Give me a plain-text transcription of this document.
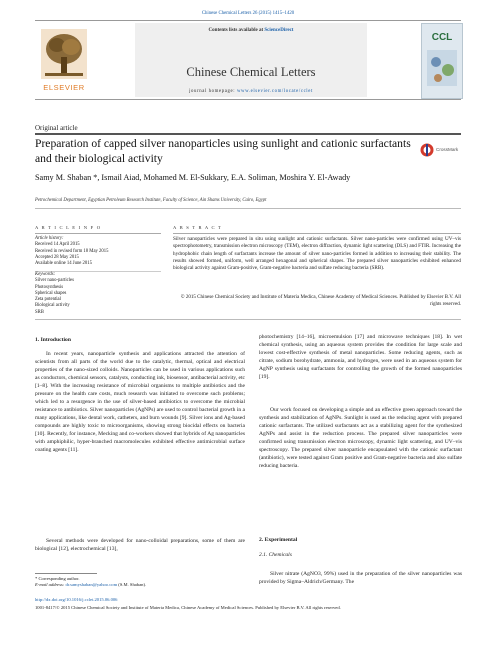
Chinese Chemical Letters 26 (2015) 1415–1420
ELSEVIER
Contents lists available at ScienceDirect
Chinese Chemical Letters
journal homepage: www.elsevier.com/locate/cclet
CCL
Original article
Preparation of capped silver nanoparticles using sunlight and cationic surfactants and their biological activity
CrossMark
Samy M. Shaban *, Ismail Aiad, Mohamed M. El-Sukkary, E.A. Soliman, Moshira Y. El-Awady
Petrochemical Department, Egyptian Petroleum Research Institute, Faculty of Science, Ain Shams University, Cairo, Egypt
A R T I C L E I N F O
Article history:
Received 14 April 2015
Received in revised form 18 May 2015
Accepted 28 May 2015
Available online 14 June 2015
Keywords:
Silver nano-particles
Photosynthesis
Spherical shapes
Zeta potential
Biological activity
SRB
A B S T R A C T
Silver nanoparticles were prepared in situ using sunlight and cationic surfactants. Silver nano-particles were confirmed using UV–vis spectrophotometry, transmission electron microscopy (TEM), electron diffraction, dynamic light scattering (DLS) and FTIR. Increasing the hydrophobic chain length of surfactants increase the amount of silver nano-particles formed in addition to increasing their stability. The results showed formed, uniform, well arranged hexagonal and spherical shapes. The prepared silver nanoparticles exhibited enhanced biological activity against Gram-positive, Gram-negative bacteria and sulfate reducing bacteria (SRB).
© 2015 Chinese Chemical Society and Institute of Materia Medica, Chinese Academy of Medical Sciences. Published by Elsevier B.V. All rights reserved.
1. Introduction
In recent years, nanoparticle synthesis and applications attracted the attention of scientists from all parts of the world due to the catalytic, thermal, optical and electrical properties of the nano-sized colloids. Nanoparticles can be used in various applications such as conductors, chemical sensors, catalysts, conducting ink, biosensor, antibacterial activity, etc [1–8]. With the increasing resistance of microbial organisms to multiple antibiotics and the pressure on the health care costs, much research was initiated to overcome such problems; which led to a resurgence in the use of silver-based antibiotics to overcome the microbial resistance to antibiotics. Silver nanoparticles (AgNPs) are used to control bacterial growth in a many applications, like dental work, catheters, and burn wounds [9]. Silver ions and Ag-based compounds are highly toxic to microorganisms, showing strong biocidal effects on bacteria [10]. Recently, for instance, Mecking and co-workers showed that hybrids of Ag nanoparticles with amphiphilic, hyper-branched macromolecules exhibited effective antimicrobial surface coating agents [11].
Several methods were developed for nano-colloidal preparations, some of them are biological [12], electrochemical [13],
photochemistry [14–16], microemulsion [17] and microwave techniques [18]. In wet chemical synthesis, using an aqueous system provides the condition for large scale and lowest cost-effective synthesis of metal nanoparticles. Some reducing agents, such as citrate, sodium borohydrate, ammonia, and hydrogen, were used in an aqueous system for AgNP synthesis using surfactants for controlling the growth of the formed nanoparticles [19].
Our work focused on developing a simple and an effective green approach toward the synthesis and stabilization of AgNPs. Sunlight is used as the reducing agent with prepared cationic surfactants. The utilized surfactants act as a stabilizing agent for the synthesized AgNPs and assist in the reduction process. The prepared silver nanoparticles were confirmed using transmission electron microscopy, dynamic light scattering, and UV–vis spectroscopy. The prepared silver nanoparticle encapsulated with the cationic surfactant (antibiotic), were tested against Gram positive and Gram-negative bacteria and also sulfate reducing bacteria.
2. Experimental
2.1. Chemicals
Silver nitrate (AgNO3, 99%) used in the preparation of the silver nanoparticles was provided by Sigma–Aldrich/Germany. The
* Corresponding author.
E-mail address: dr.samyshaban@yahoo.com (S.M. Shaban).
http://dx.doi.org/10.1016/j.cclet.2015.06.006
1001-8417/© 2015 Chinese Chemical Society and Institute of Materia Medica, Chinese Academy of Medical Sciences. Published by Elsevier B.V. All rights reserved.
